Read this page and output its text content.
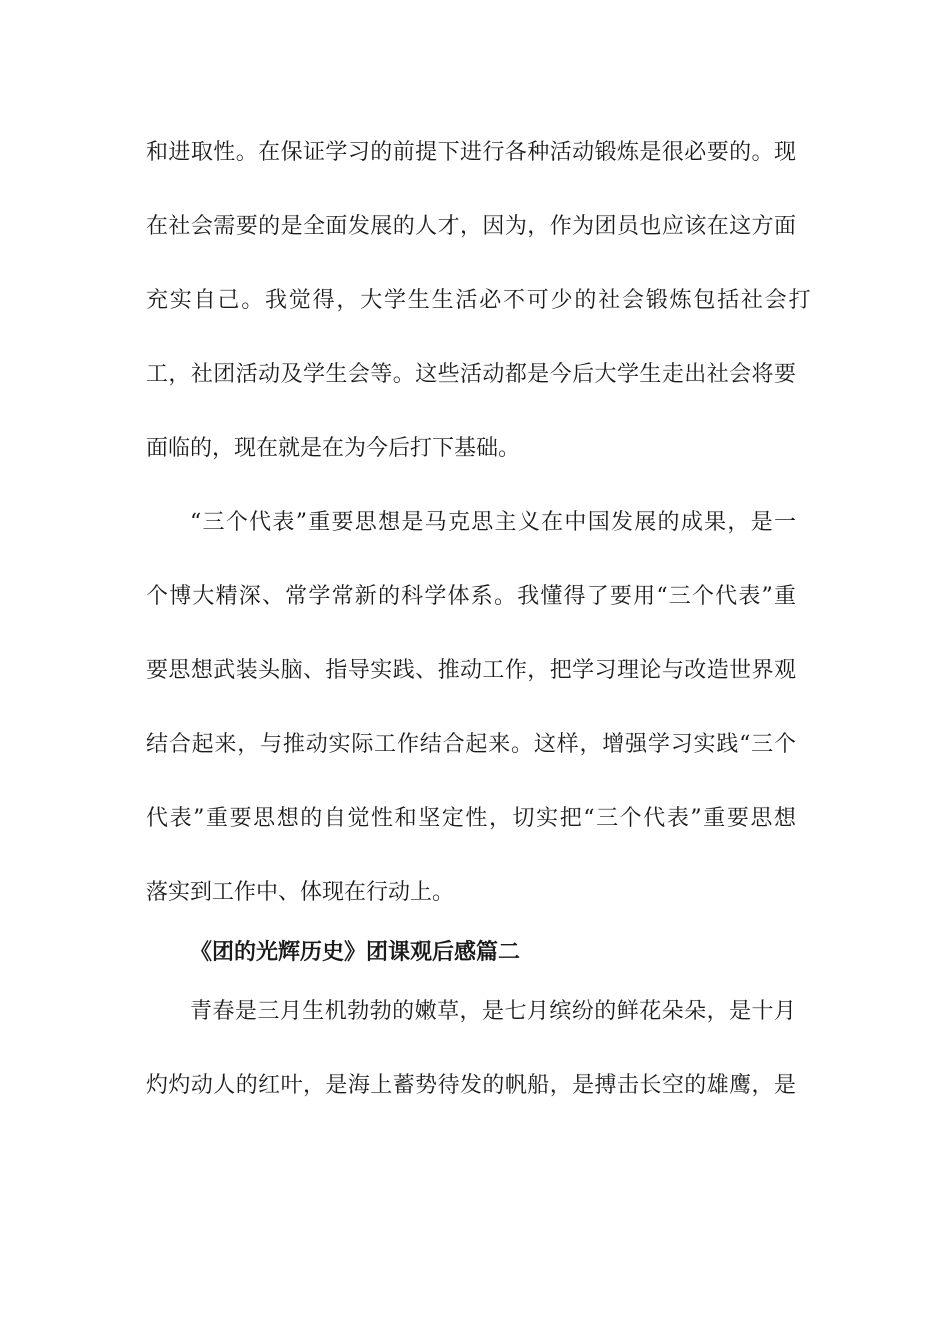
和进取性。在保证学习的前提下进行各种活动锻炼是很必要的。现
在社会需要的是全面发展的人才，因为，作为团员也应该在这方面
充实自己。我觉得，大学生生活必不可少的社会锻炼包括社会打
工，社团活动及学生会等。这些活动都是今后大学生走出社会将要
面临的，现在就是在为今后打下基础。
“三个代表”重要思想是马克思主义在中国发展的成果，是一
个博大精深、常学常新的科学体系。我懂得了要用“三个代表”重
要思想武装头脑、指导实践、推动工作，把学习理论与改造世界观
结合起来，与推动实际工作结合起来。这样，增强学习实践“三个
代表”重要思想的自觉性和坚定性，切实把“三个代表”重要思想
落实到工作中、体现在行动上。
《团的光辉历史》团课观后感篇二
青春是三月生机勃勃的嫩草，是七月缤纷的鲜花朵朵，是十月
灼灼动人的红叶，是海上蓄势待发的帆船，是搏击长空的雄鹰，是
